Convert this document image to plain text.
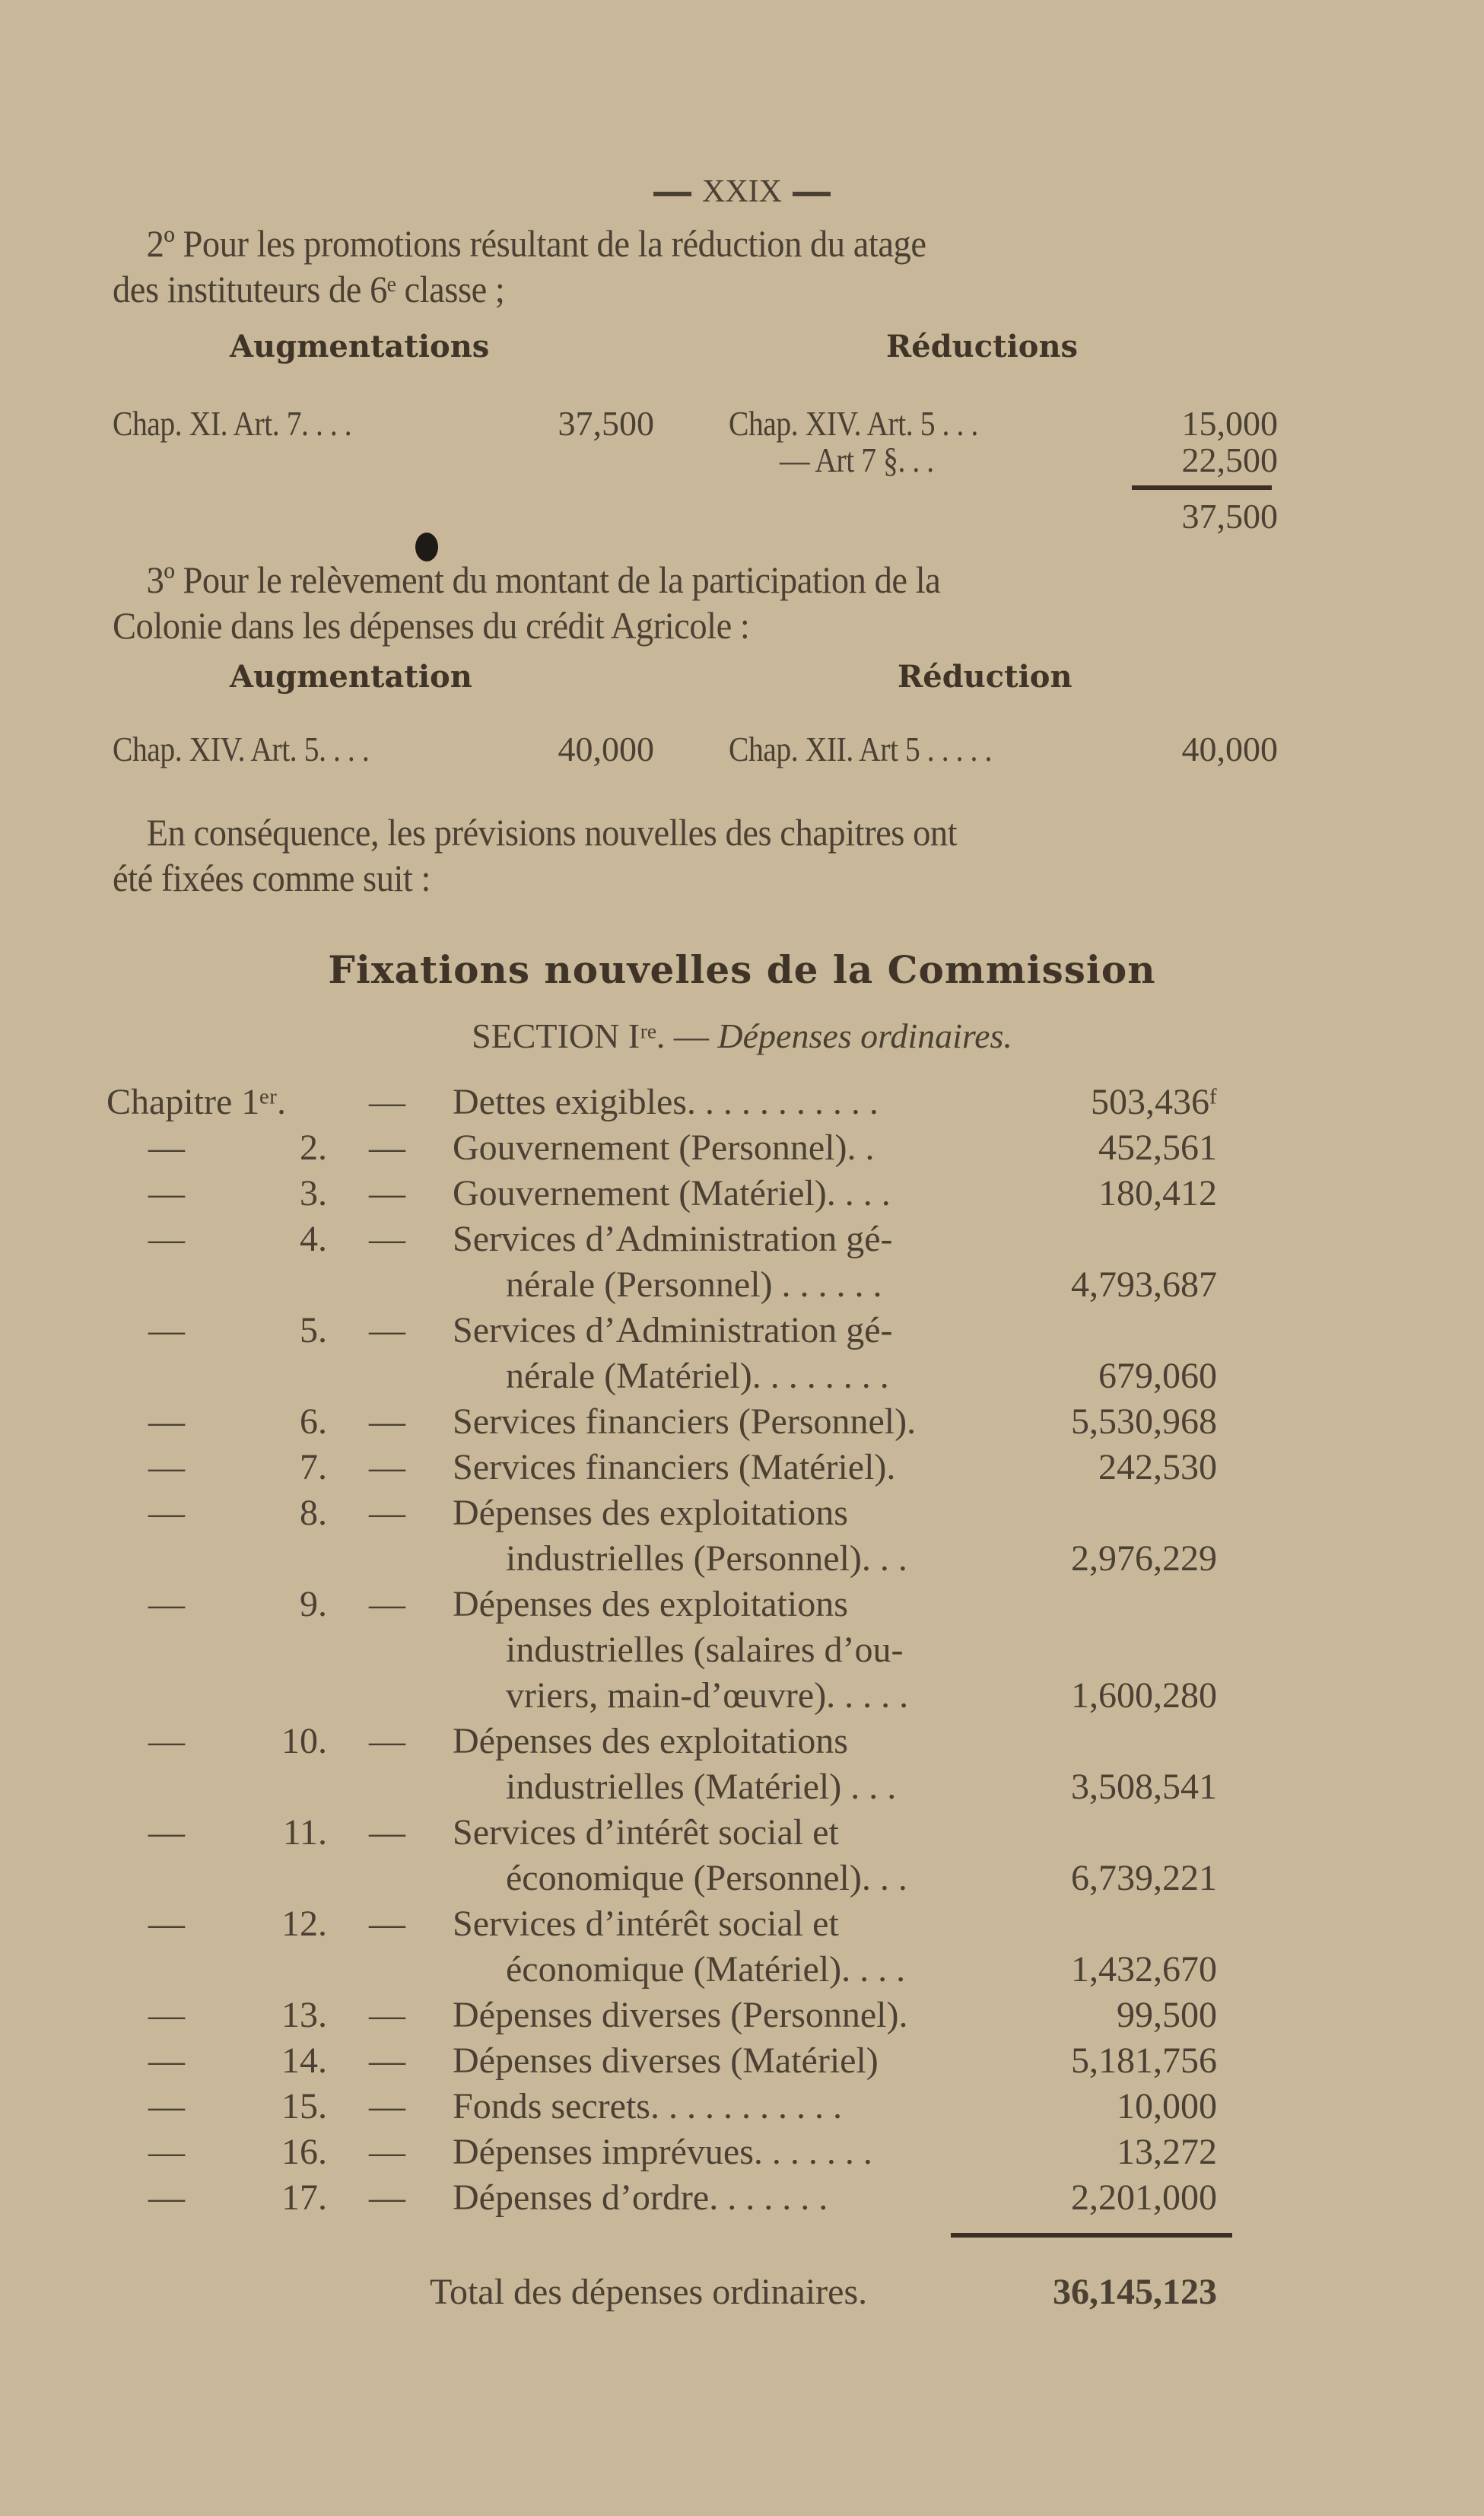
XXIX
2º Pour les promotions résultant de la réduction du atage
des instituteurs de 6ᵉ classe ;
Augmentations	Réductions
Chap. XI. Art. 7. . . .	37,500 Chap. XIV. Art. 5 . . .	15,000
— Art 7 §. . .	22,500
37,500
3º Pour le relèvement du montant de la participation de la
Colonie dans les dépenses du crédit Agricole :
Augmentation	Réduction
Chap. XIV. Art. 5. . . .	40,000 Chap. XII. Art 5 . . . . .	40,000
En conséquence, les prévisions nouvelles des chapitres ont
été fixées comme suit :
Fixations nouvelles de la Commission
SECTION Iʳᵉ. — Dépenses ordinaires.
Chapitre 1ᵉʳ.	— Dettes exigibles. . . . . . . . . . .	503,436ᶠ
—	2. — Gouvernement (Personnel). .	452,561
—	3. — Gouvernement (Matériel). . . .	180,412
—	4. — Services d’Administration gé-
nérale (Personnel) . . . . . .	4,793,687
—	5. — Services d’Administration gé-
nérale (Matériel). . . . . . . .	679,060
—	6. — Services financiers (Personnel).	5,530,968
—	7. — Services financiers (Matériel).	242,530
—	8. — Dépenses des exploitations
industrielles (Personnel). . .	2,976,229
—	9. — Dépenses des exploitations
industrielles (salaires d’ou-
vriers, main-d’œuvre). . . . .	1,600,280
—	10. — Dépenses des exploitations
industrielles (Matériel) . . .	3,508,541
—	11. — Services d’intérêt social et
économique (Personnel). . .	6,739,221
—	12. — Services d’intérêt social et
économique (Matériel). . . .	1,432,670
—	13. — Dépenses diverses (Personnel).	99,500
—	14. — Dépenses diverses (Matériel)	5,181,756
—	15. — Fonds secrets. . . . . . . . . . .	10,000
—	16. — Dépenses imprévues. . . . . . .	13,272
—	17. — Dépenses d’ordre. . . . . . .	2,201,000
Total des dépenses ordinaires.	36,145,123
